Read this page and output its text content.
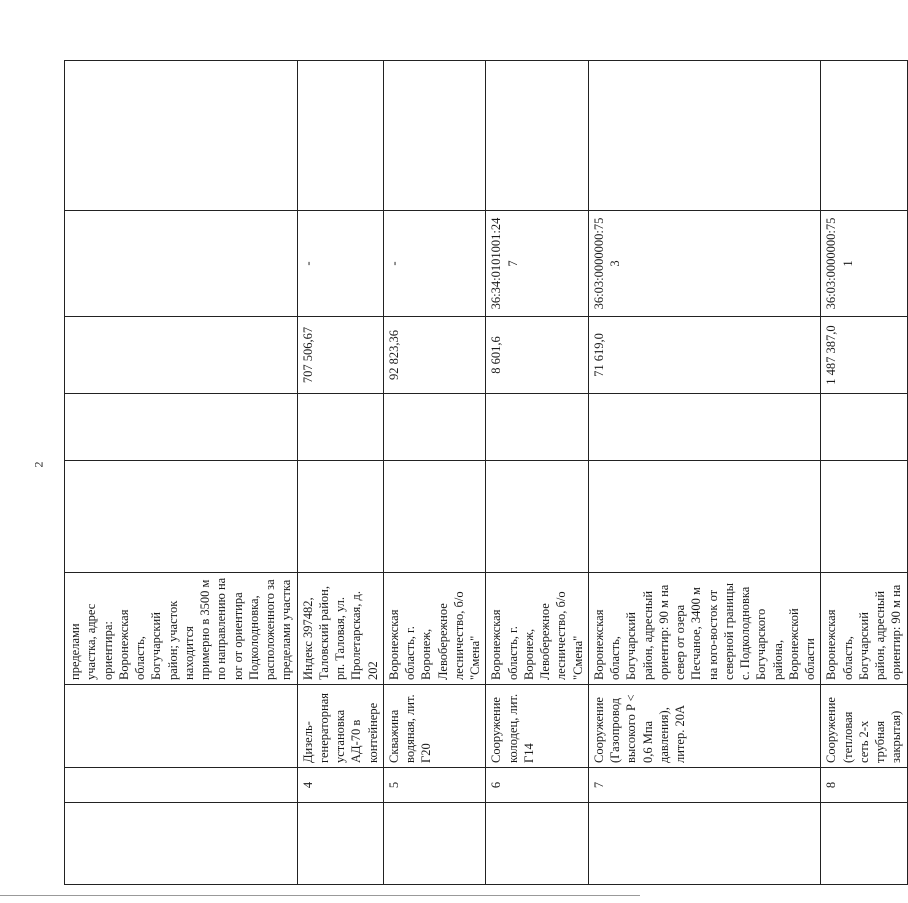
2
			пределами участка, адрес ориентира: Воронежская область, Богучарский район; участок находится примерно в 3500 м по направлению на юг от ориентира Подколодновка, расположенного за пределами участка					
	4	Дизель-генераторная установка АД-70 в контейнере	Индекс 397482, Таловский район, рп. Таловая, ул. Пролетарская, д. 202			707 506,67	-	
	5	Скважина водяная, лит. Г20	Воронежская область, г. Воронеж, Левобережное лесничество, б/о "Смена"			92 823,36	-	
	6	Сооружение колодец, лит. Г14	Воронежская область, г. Воронеж, Левобережное лесничество, б/о "Смена"			8 601,6	36:34:0101001:247	
	7	Сооружение (Газопровод высокого P < 0,6 Мпа давления), литер. 20А	Воронежская область, Богучарский район, адресный ориентир: 90 м на север от озера Песчаное, 3400 м на юго-восток от северной границы с. Подколодновка Богучарского района, Воронежской области			71 619,0	36:03:0000000:753	
	8	Сооружение (тепловая сеть 2-х трубная закрытая)	Воронежская область, Богучарский район, адресный ориентир: 90 м на			1 487 387,0	36:03:0000000:751	
